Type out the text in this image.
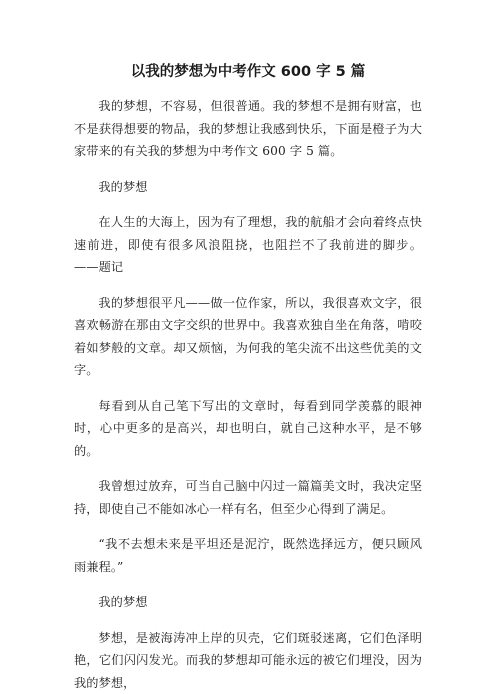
以我的梦想为中考作文 600 字 5 篇

我的梦想，不容易，但很普通。我的梦想不是拥有财富，也不是获得想要的物品，我的梦想让我感到快乐，下面是橙子为大家带来的有关我的梦想为中考作文 600 字 5 篇。

我的梦想

在人生的大海上，因为有了理想，我的航船才会向着终点快速前进，即使有很多风浪阻挠，也阻拦不了我前进的脚步。 ——题记

我的梦想很平凡——做一位作家，所以，我很喜欢文字，很喜欢畅游在那由文字交织的世界中。我喜欢独自坐在角落，啃咬着如梦般的文章。却又烦恼，为何我的笔尖流不出这些优美的文字。

每看到从自己笔下写出的文章时，每看到同学羡慕的眼神时，心中更多的是高兴，却也明白，就自己这种水平，是不够的。

我曾想过放弃，可当自己脑中闪过一篇篇美文时，我决定坚持，即使自己不能如冰心一样有名，但至少心得到了满足。

“我不去想未来是平坦还是泥泞，既然选择远方，便只顾风雨兼程。”

我的梦想

梦想，是被海涛冲上岸的贝壳，它们斑驳迷离，它们色泽明艳，它们闪闪发光。而我的梦想却可能永远的被它们埋没，因为我的梦想，
